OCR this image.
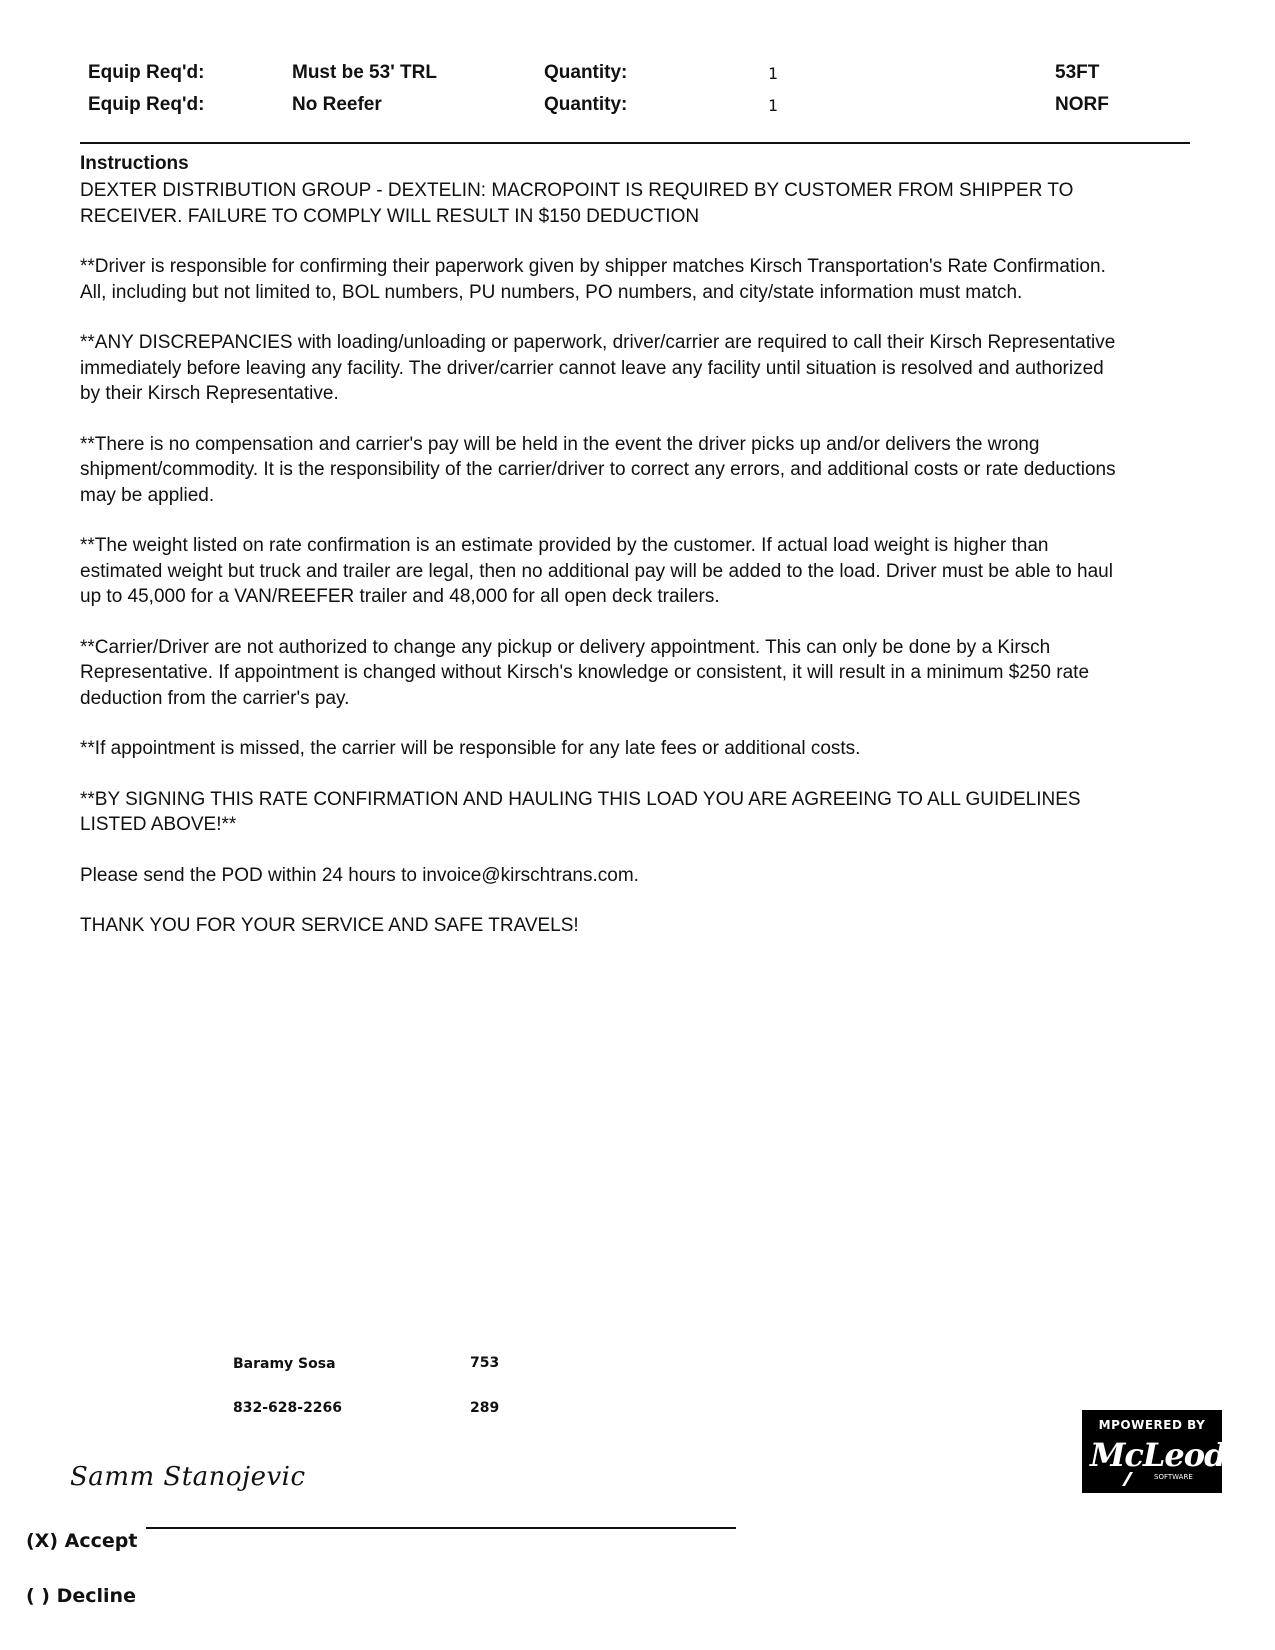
Equip Req'd:	Must be 53' TRL	Quantity:	1	53FT
Equip Req'd:	No Reefer	Quantity:	1	NORF
Instructions

DEXTER DISTRIBUTION GROUP - DEXTELIN: MACROPOINT IS REQUIRED BY CUSTOMER FROM SHIPPER TO RECEIVER. FAILURE TO COMPLY WILL RESULT IN $150 DEDUCTION

**Driver is responsible for confirming their paperwork given by shipper matches Kirsch Transportation's Rate Confirmation. All, including but not limited to, BOL numbers, PU numbers, PO numbers, and city/state information must match.

**ANY DISCREPANCIES with loading/unloading or paperwork, driver/carrier are required to call their Kirsch Representative immediately before leaving any facility. The driver/carrier cannot leave any facility until situation is resolved and authorized by their Kirsch Representative.

**There is no compensation and carrier's pay will be held in the event the driver picks up and/or delivers the wrong shipment/commodity. It is the responsibility of the carrier/driver to correct any errors, and additional costs or rate deductions may be applied.

**The weight listed on rate confirmation is an estimate provided by the customer. If actual load weight is higher than estimated weight but truck and trailer are legal, then no additional pay will be added to the load. Driver must be able to haul up to 45,000 for a VAN/REEFER trailer and 48,000 for all open deck trailers.

**Carrier/Driver are not authorized to change any pickup or delivery appointment. This can only be done by a Kirsch Representative. If appointment is changed without Kirsch's knowledge or consistent, it will result in a minimum $250 rate deduction from the carrier's pay.

**If appointment is missed, the carrier will be responsible for any late fees or additional costs.

**BY SIGNING THIS RATE CONFIRMATION AND HAULING THIS LOAD YOU ARE AGREEING TO ALL GUIDELINES LISTED ABOVE!**

Please send the POD within 24 hours to invoice@kirschtrans.com.

THANK YOU FOR YOUR SERVICE AND SAFE TRAVELS!

Baramy Sosa	753
832-628-2266	289
Samm Stanojevic
(X) Accept
( ) Decline
MPOWERED BY
McLeod
SOFTWARE
